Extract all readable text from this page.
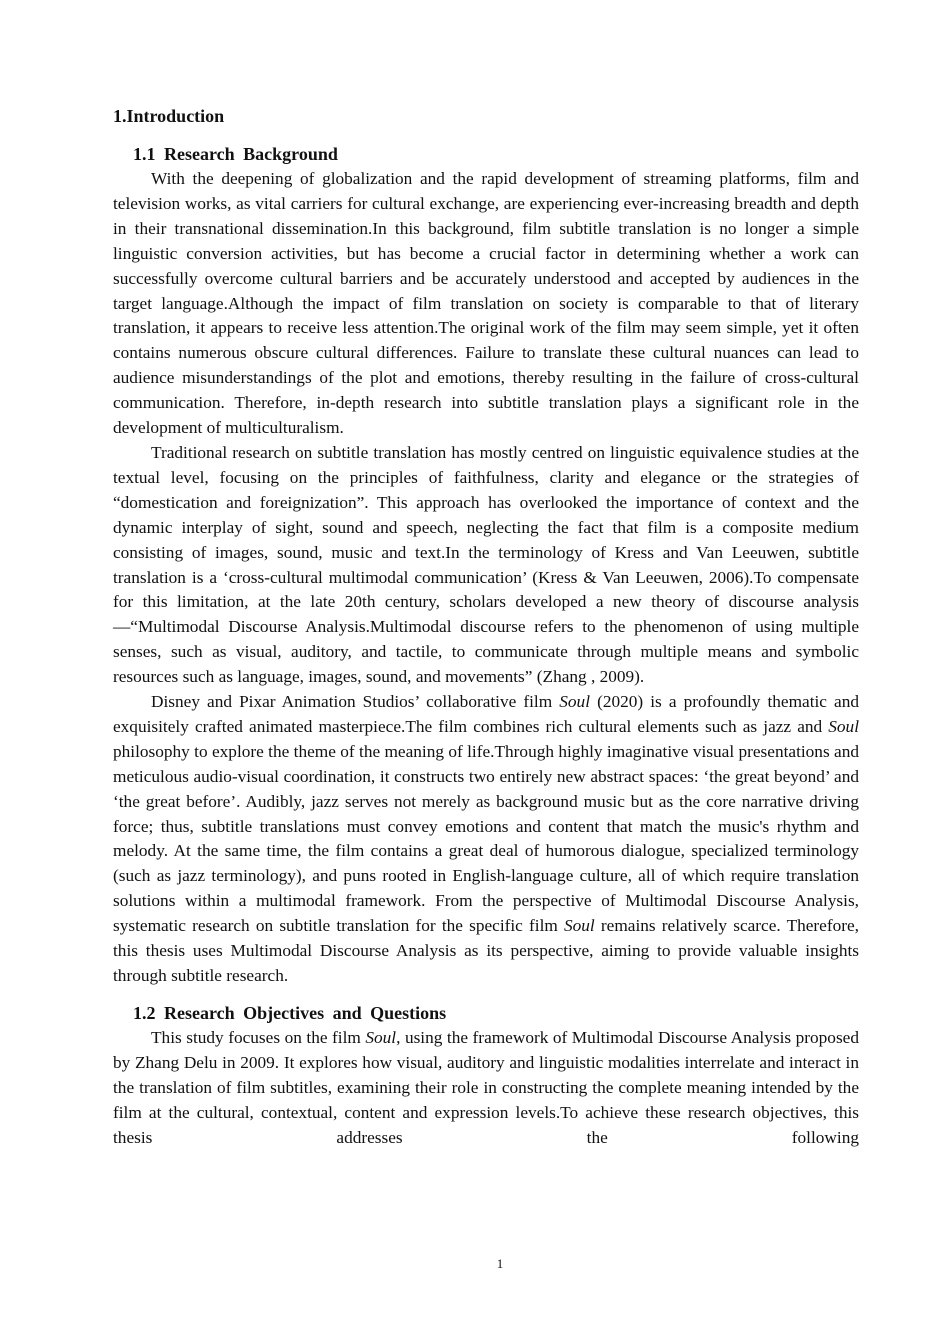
1.Introduction
1.1 Research Background

With the deepening of globalization and the rapid development of streaming platforms, film and television works, as vital carriers for cultural exchange, are experiencing ever-increasing breadth and depth in their transnational dissemination.In this background, film subtitle translation is no longer a simple linguistic conversion activities, but has become a crucial factor in determining whether a work can successfully overcome cultural barriers and be accurately understood and accepted by audiences in the target language.Although the impact of film translation on society is comparable to that of literary translation, it appears to receive less attention.The original work of the film may seem simple, yet it often contains numerous obscure cultural differences. Failure to translate these cultural nuances can lead to audience misunderstandings of the plot and emotions, thereby resulting in the failure of cross-cultural communication. Therefore, in-depth research into subtitle translation plays a significant role in the development of multiculturalism.

Traditional research on subtitle translation has mostly centred on linguistic equivalence studies at the textual level, focusing on the principles of faithfulness, clarity and elegance or the strategies of “domestication and foreignization”. This approach has overlooked the importance of context and the dynamic interplay of sight, sound and speech, neglecting the fact that film is a composite medium consisting of images, sound, music and text.In the terminology of Kress and Van Leeuwen, subtitle translation is a ‘cross-cultural multimodal communication’ (Kress & Van Leeuwen, 2006).To compensate for this limitation, at the late 20th century, scholars developed a new theory of discourse analysis—“Multimodal Discourse Analysis.Multimodal discourse refers to the phenomenon of using multiple senses, such as visual, auditory, and tactile, to communicate through multiple means and symbolic resources such as language, images, sound, and movements” (Zhang , 2009).

Disney and Pixar Animation Studios’ collaborative film Soul (2020) is a profoundly thematic and exquisitely crafted animated masterpiece.The film combines rich cultural elements such as jazz and Soul philosophy to explore the theme of the meaning of life.Through highly imaginative visual presentations and meticulous audio-visual coordination, it constructs two entirely new abstract spaces: ‘the great beyond’ and ‘the great before’. Audibly, jazz serves not merely as background music but as the core narrative driving force; thus, subtitle translations must convey emotions and content that match the music's rhythm and melody. At the same time, the film contains a great deal of humorous dialogue, specialized terminology (such as jazz terminology), and puns rooted in English-language culture, all of which require translation solutions within a multimodal framework. From the perspective of Multimodal Discourse Analysis, systematic research on subtitle translation for the specific film Soul remains relatively scarce. Therefore, this thesis uses Multimodal Discourse Analysis as its perspective, aiming to provide valuable insights through subtitle research.

1.2 Research Objectives and Questions

This study focuses on the film Soul, using the framework of Multimodal Discourse Analysis proposed by Zhang Delu in 2009. It explores how visual, auditory and linguistic modalities interrelate and interact in the translation of film subtitles, examining their role in constructing the complete meaning intended by the film at the cultural, contextual, content and expression levels.To achieve these research objectives, this thesis addresses the following

1
